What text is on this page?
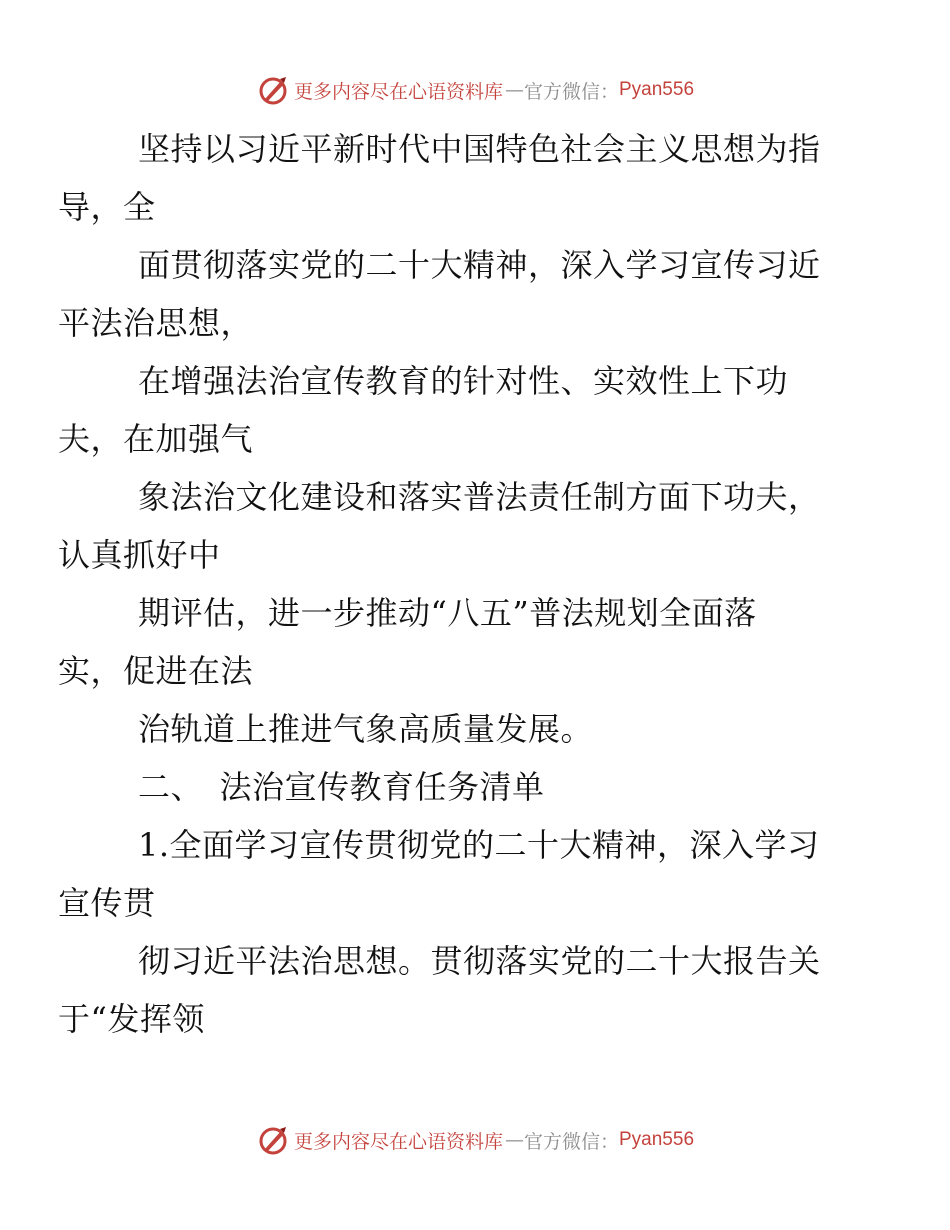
更多内容尽在心语资料库 — 官方微信： Pyan556

坚持以习近平新时代中国特色社会主义思想为指
导，全

面贯彻落实党的二十大精神，深入学习宣传习近
平法治思想，

在增强法治宣传教育的针对性、实效性上下功
夫，在加强气

象法治文化建设和落实普法责任制方面下功夫，
认真抓好中

期评估，进一步推动“八五”普法规划全面落
实，促进在法

治轨道上推进气象高质量发展。

二、　法治宣传教育任务清单

1.全面学习宣传贯彻党的二十大精神，深入学习
宣传贯

彻习近平法治思想。贯彻落实党的二十大报告关
于“发挥领

更多内容尽在心语资料库 — 官方微信： Pyan556
